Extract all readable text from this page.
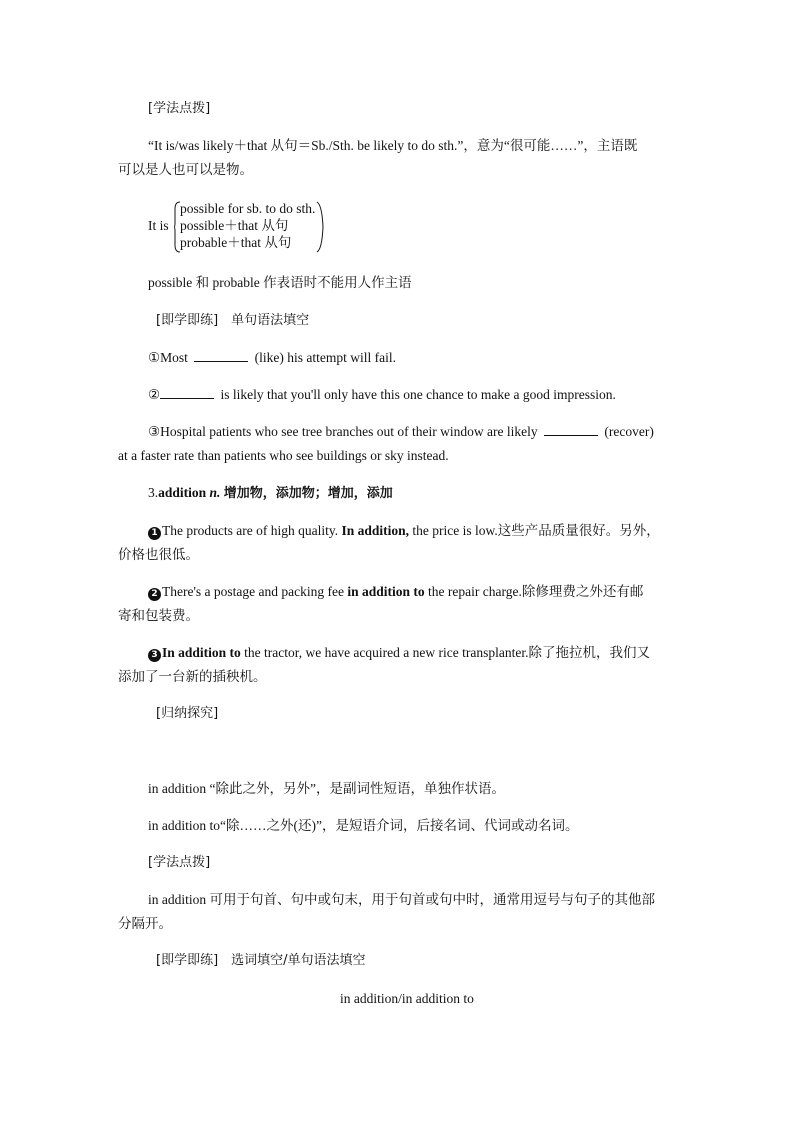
[学法点拨]
“It is/was likely＋that 从句＝Sb./Sth. be likely to do sth.”，意为“很可能……”，主语既
可以是人也可以是物。
It is
possible for sb. to do sth.
possible＋that 从句
probable＋that 从句
possible 和 probable 作表语时不能用人作主语
[即学即练]　单句语法填空
①Most	(like) his attempt will fail.
②	is likely that you'll only have this one chance to make a good impression.
③Hospital patients who see tree branches out of their window are likely	(recover)
at a faster rate than patients who see buildings or sky instead.
3.addition n. 增加物，添加物；增加，添加
1 The products are of high quality. In addition, the price is low.这些产品质量很好。另外，
价格也很低。
2 There's a postage and packing fee in addition to the repair charge.除修理费之外还有邮
寄和包装费。
3 In addition to the tractor, we have acquired a new rice transplanter.除了拖拉机，我们又
添加了一台新的插秧机。
[归纳探究]
in addition “除此之外，另外”，是副词性短语，单独作状语。
in addition to“除……之外(还)”，是短语介词，后接名词、代词或动名词。
[学法点拨]
in addition 可用于句首、句中或句末，用于句首或句中时，通常用逗号与句子的其他部
分隔开。
[即学即练]　选词填空/单句语法填空
in addition/in addition to
